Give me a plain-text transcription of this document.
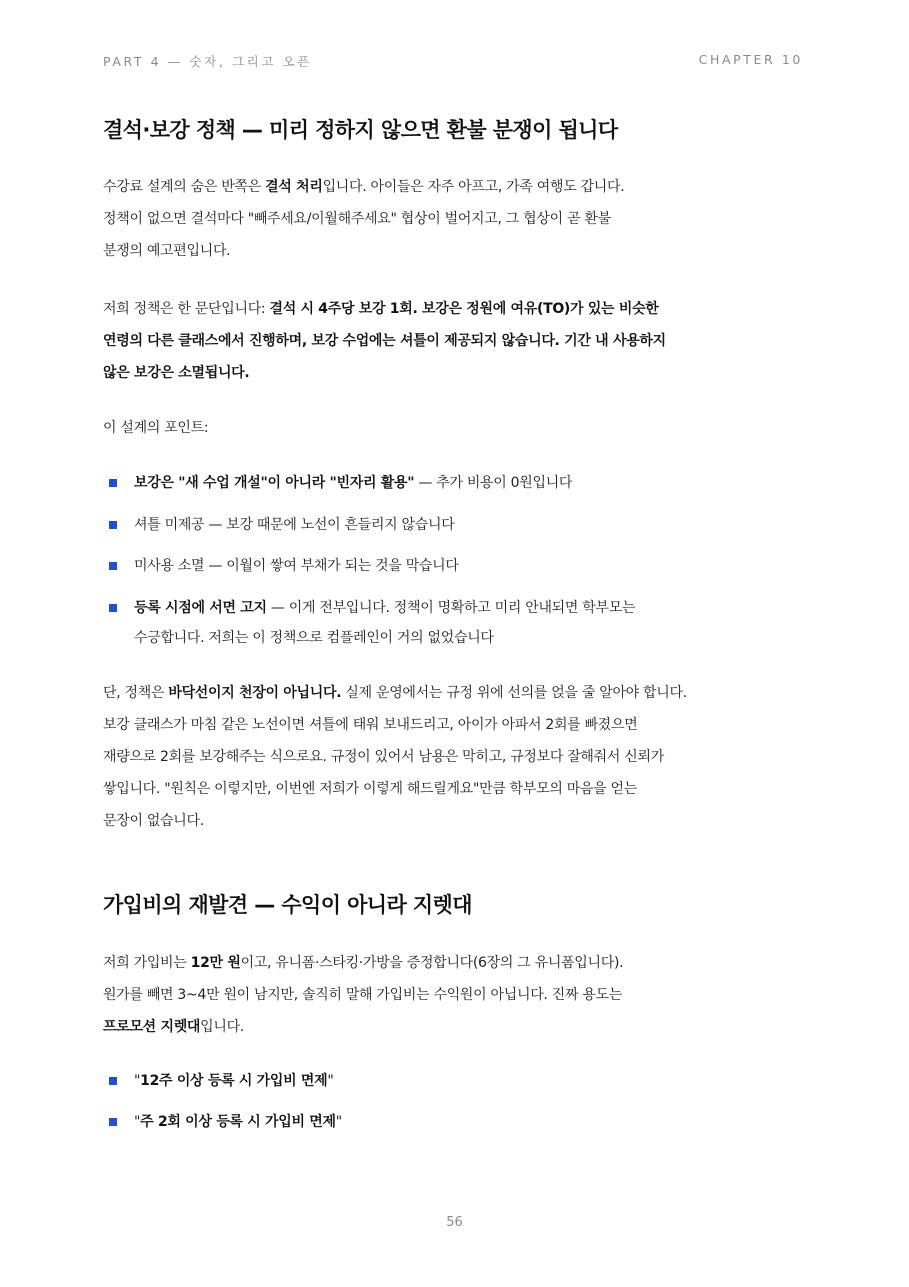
PART 4 — 숫자, 그리고 오픈	CHAPTER 10
결석·보강 정책 — 미리 정하지 않으면 환불 분쟁이 됩니다

수강료 설계의 숨은 반쪽은 결석 처리입니다. 아이들은 자주 아프고, 가족 여행도 갑니다.
정책이 없으면 결석마다 "빼주세요/이월해주세요" 협상이 벌어지고, 그 협상이 곧 환불
분쟁의 예고편입니다.

저희 정책은 한 문단입니다: 결석 시 4주당 보강 1회. 보강은 정원에 여유(TO)가 있는 비슷한
연령의 다른 클래스에서 진행하며, 보강 수업에는 셔틀이 제공되지 않습니다. 기간 내 사용하지
않은 보강은 소멸됩니다.

이 설계의 포인트:

보강은 "새 수업 개설"이 아니라 "빈자리 활용" — 추가 비용이 0원입니다
셔틀 미제공 — 보강 때문에 노선이 흔들리지 않습니다
미사용 소멸 — 이월이 쌓여 부채가 되는 것을 막습니다
등록 시점에 서면 고지 — 이게 전부입니다. 정책이 명확하고 미리 안내되면 학부모는
수긍합니다. 저희는 이 정책으로 컴플레인이 거의 없었습니다

단, 정책은 바닥선이지 천장이 아닙니다. 실제 운영에서는 규정 위에 선의를 얹을 줄 알아야 합니다.
보강 클래스가 마침 같은 노선이면 셔틀에 태워 보내드리고, 아이가 아파서 2회를 빠졌으면
재량으로 2회를 보강해주는 식으로요. 규정이 있어서 남용은 막히고, 규정보다 잘해줘서 신뢰가
쌓입니다. "원칙은 이렇지만, 이번엔 저희가 이렇게 해드릴게요"만큼 학부모의 마음을 얻는
문장이 없습니다.

가입비의 재발견 — 수익이 아니라 지렛대

저희 가입비는 12만 원이고, 유니폼·스타킹·가방을 증정합니다(6장의 그 유니폼입니다).
원가를 빼면 3~4만 원이 남지만, 솔직히 말해 가입비는 수익원이 아닙니다. 진짜 용도는
프로모션 지렛대입니다.

"12주 이상 등록 시 가입비 면제"
"주 2회 이상 등록 시 가입비 면제"
56
